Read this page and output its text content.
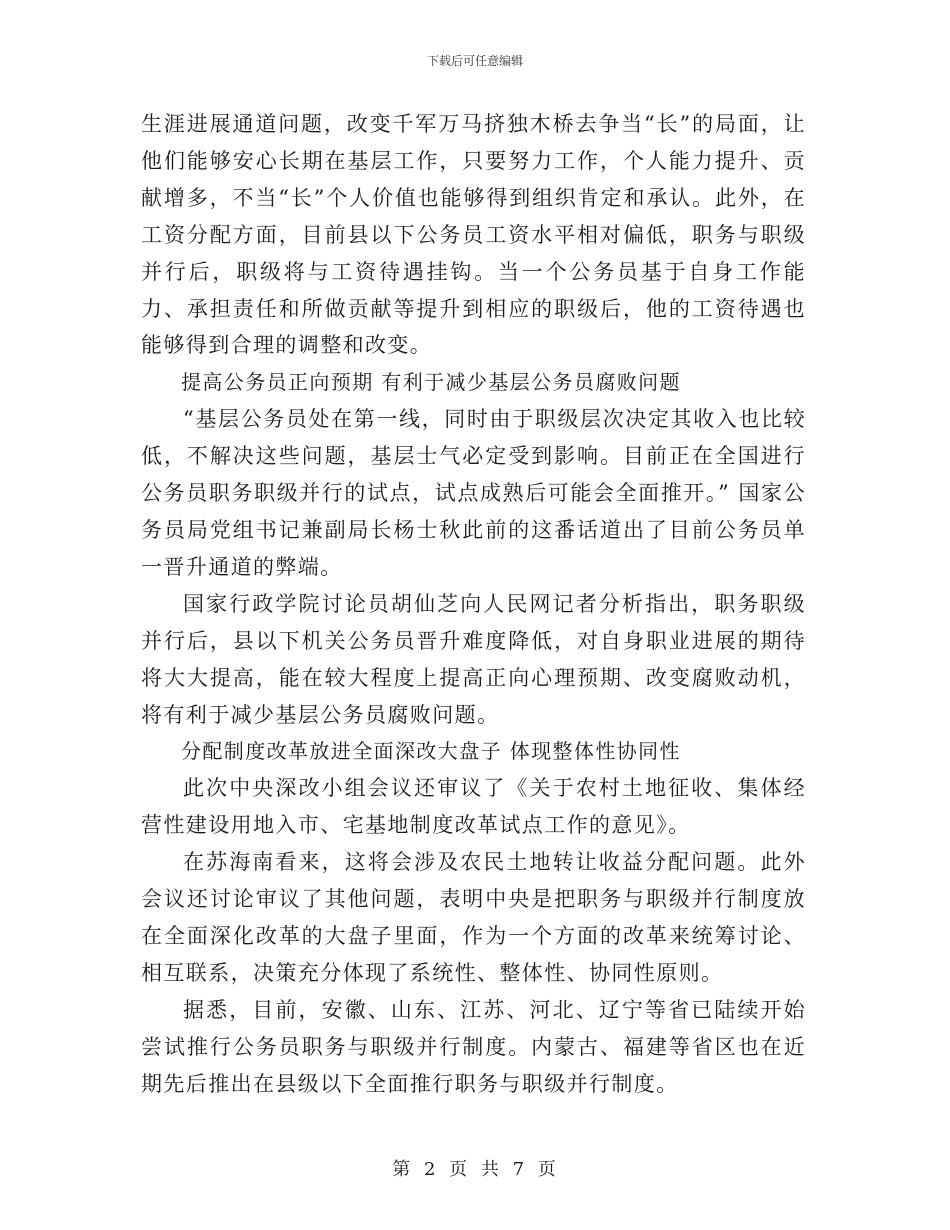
下载后可任意编辑

生涯进展通道问题，改变千军万马挤独木桥去争当“长”的局面，让他们能够安心长期在基层工作，只要努力工作，个人能力提升、贡献增多，不当“长”个人价值也能够得到组织肯定和承认。此外，在工资分配方面，目前县以下公务员工资水平相对偏低，职务与职级并行后，职级将与工资待遇挂钩。当一个公务员基于自身工作能力、承担责任和所做贡献等提升到相应的职级后，他的工资待遇也能够得到合理的调整和改变。

提高公务员正向预期 有利于减少基层公务员腐败问题

“基层公务员处在第一线，同时由于职级层次决定其收入也比较低，不解决这些问题，基层士气必定受到影响。目前正在全国进行公务员职务职级并行的试点，试点成熟后可能会全面推开。” 国家公务员局党组书记兼副局长杨士秋此前的这番话道出了目前公务员单一晋升通道的弊端。

国家行政学院讨论员胡仙芝向人民网记者分析指出，职务职级并行后，县以下机关公务员晋升难度降低，对自身职业进展的期待将大大提高，能在较大程度上提高正向心理预期、改变腐败动机，将有利于减少基层公务员腐败问题。

分配制度改革放进全面深改大盘子 体现整体性协同性

此次中央深改小组会议还审议了《关于农村土地征收、集体经营性建设用地入市、宅基地制度改革试点工作的意见》。

在苏海南看来，这将会涉及农民土地转让收益分配问题。此外会议还讨论审议了其他问题，表明中央是把职务与职级并行制度放在全面深化改革的大盘子里面，作为一个方面的改革来统筹讨论、相互联系，决策充分体现了系统性、整体性、协同性原则。

据悉，目前，安徽、山东、江苏、河北、辽宁等省已陆续开始尝试推行公务员职务与职级并行制度。内蒙古、福建等省区也在近期先后推出在县级以下全面推行职务与职级并行制度。

第 2 页 共 7 页
